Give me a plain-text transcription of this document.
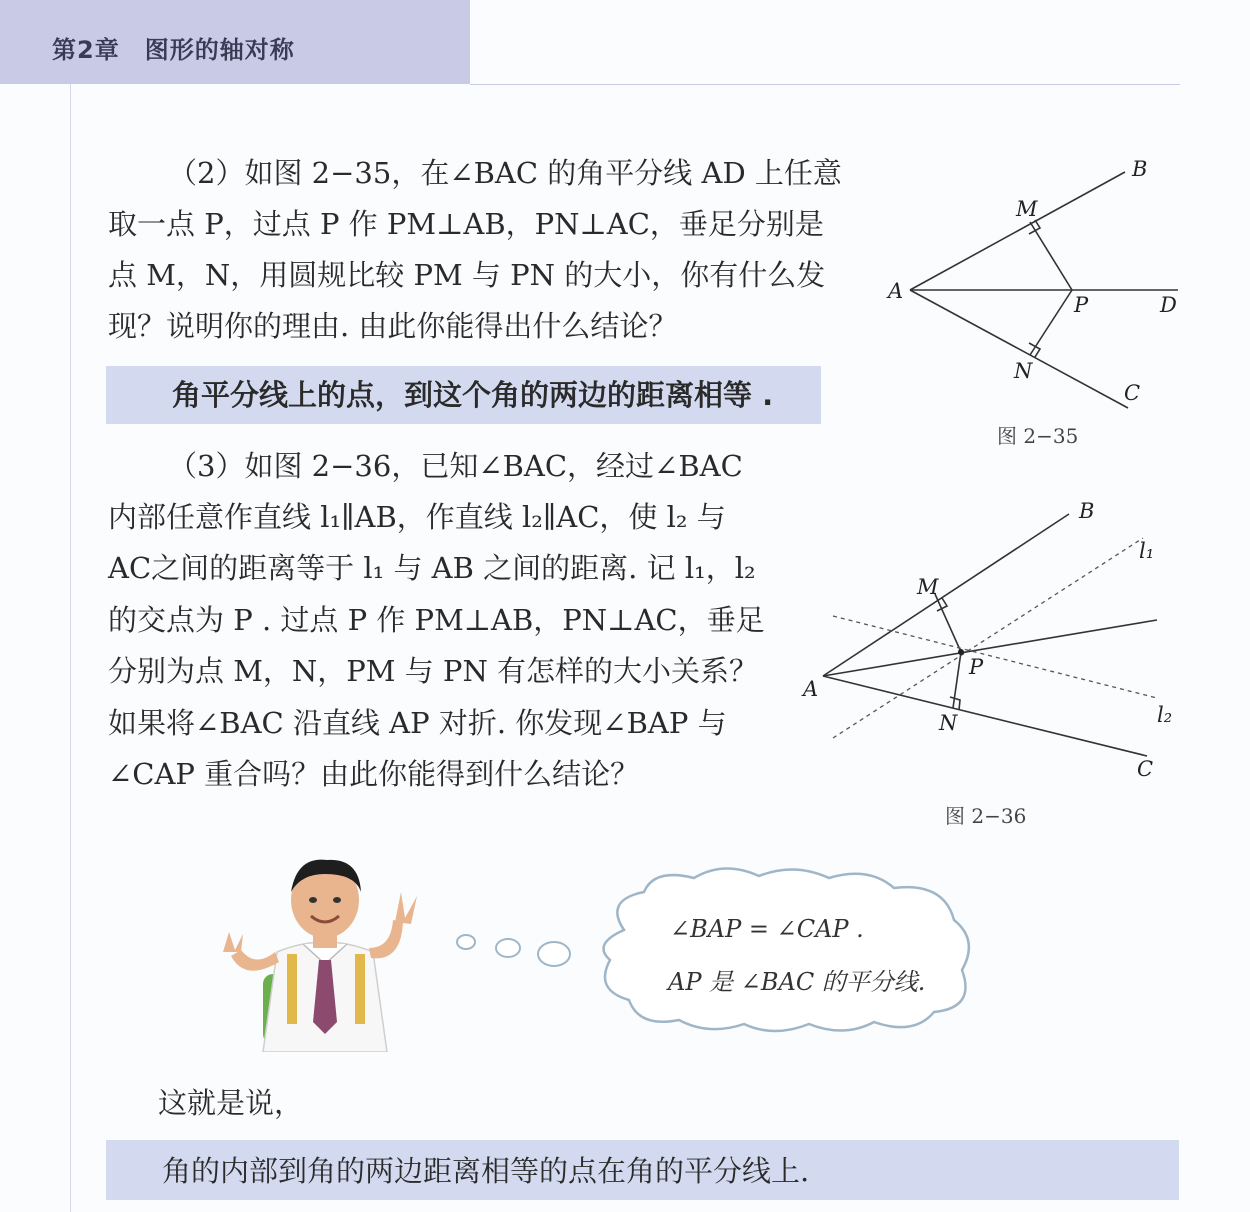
第2章　图形的轴对称
（2）如图 2−35，在∠BAC 的角平分线 AD 上任意
取一点 P，过点 P 作 PM⊥AB，PN⊥AC，垂足分别是
点 M，N，用圆规比较 PM 与 PN 的大小，你有什么发
现？说明你的理由. 由此你能得出什么结论？
角平分线上的点，到这个角的两边的距离相等 .
B
M
A
P	D
N
C
图 2−35
（3）如图 2−36，已知∠BAC，经过∠BAC
内部任意作直线 l₁∥AB，作直线 l₂∥AC，使 l₂ 与
AC之间的距离等于 l₁ 与 AB 之间的距离. 记 l₁，l₂
的交点为 P . 过点 P 作 PM⊥AB，PN⊥AC，垂足
分别为点 M，N，PM 与 PN 有怎样的大小关系？
如果将∠BAC 沿直线 AP 对折. 你发现∠BAP 与
∠CAP 重合吗？由此你能得到什么结论？
B
l₁
M
P
A
N	l₂
C
图 2−36
∠BAP = ∠CAP .
AP 是 ∠BAC 的平分线.
这就是说，
角的内部到角的两边距离相等的点在角的平分线上.
